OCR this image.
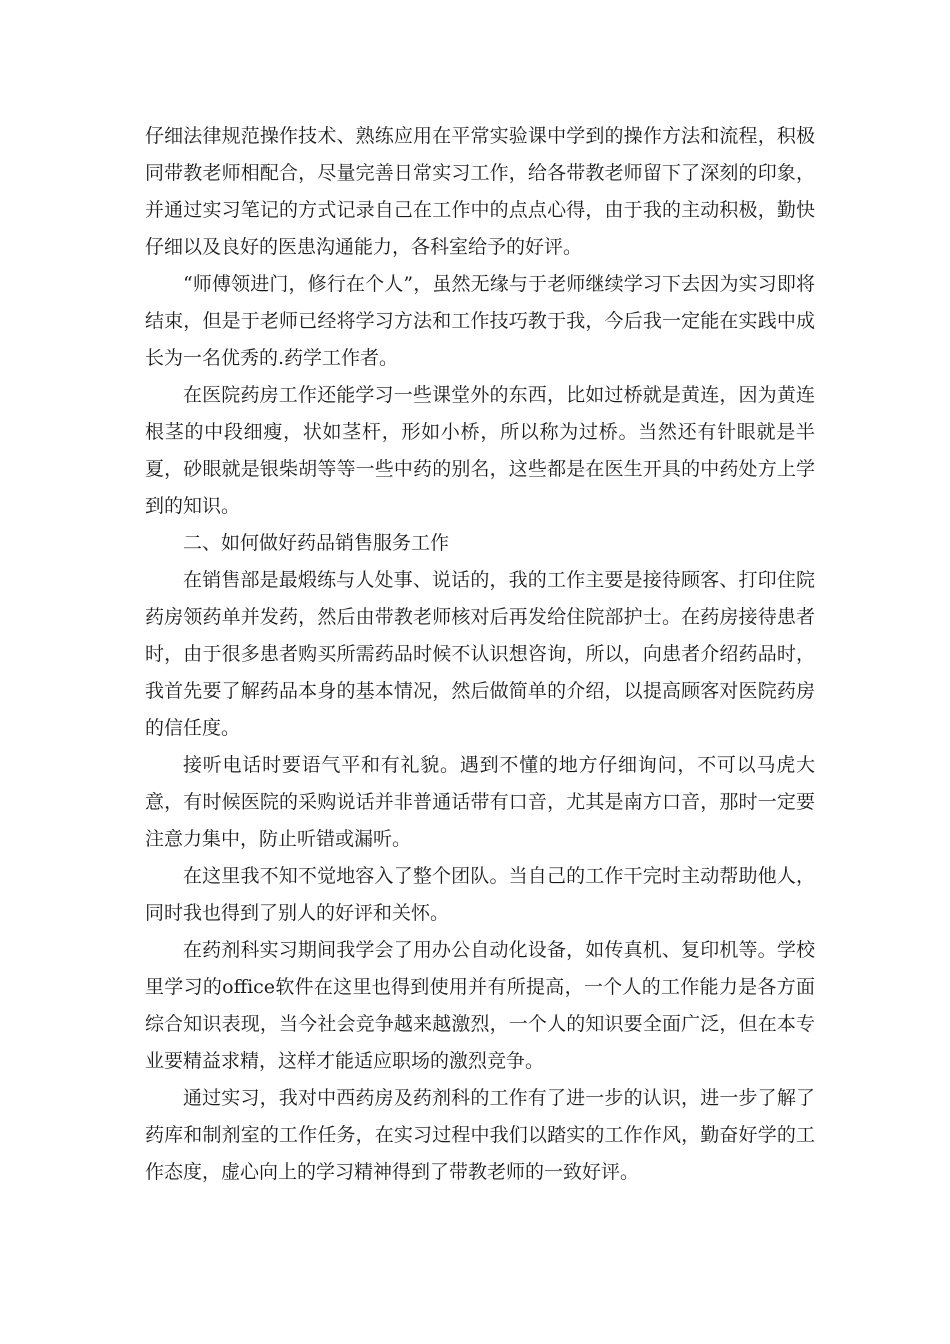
仔细法律规范操作技术、熟练应用在平常实验课中学到的操作方法和流程，积极同带教老师相配合，尽量完善日常实习工作，给各带教老师留下了深刻的印象，并通过实习笔记的方式记录自己在工作中的点点心得，由于我的主动积极，勤快仔细以及良好的医患沟通能力，各科室给予的好评。

“师傅领进门，修行在个人”，虽然无缘与于老师继续学习下去因为实习即将结束，但是于老师已经将学习方法和工作技巧教于我，今后我一定能在实践中成长为一名优秀的.药学工作者。

在医院药房工作还能学习一些课堂外的东西，比如过桥就是黄连，因为黄连根茎的中段细瘦，状如茎杆，形如小桥，所以称为过桥。当然还有针眼就是半夏，砂眼就是银柴胡等等一些中药的别名，这些都是在医生开具的中药处方上学到的知识。

二、如何做好药品销售服务工作

在销售部是最煅练与人处事、说话的，我的工作主要是接待顾客、打印住院药房领药单并发药，然后由带教老师核对后再发给住院部护士。在药房接待患者时，由于很多患者购买所需药品时候不认识想咨询，所以，向患者介绍药品时，我首先要了解药品本身的基本情况，然后做简单的介绍，以提高顾客对医院药房的信任度。

接听电话时要语气平和有礼貌。遇到不懂的地方仔细询问，不可以马虎大意，有时候医院的采购说话并非普通话带有口音，尤其是南方口音，那时一定要注意力集中，防止听错或漏听。

在这里我不知不觉地容入了整个团队。当自己的工作干完时主动帮助他人，同时我也得到了别人的好评和关怀。

在药剂科实习期间我学会了用办公自动化设备，如传真机、复印机等。学校里学习的office软件在这里也得到使用并有所提高，一个人的工作能力是各方面综合知识表现，当今社会竞争越来越激烈，一个人的知识要全面广泛，但在本专业要精益求精，这样才能适应职场的激烈竞争。

通过实习，我对中西药房及药剂科的工作有了进一步的认识，进一步了解了药库和制剂室的工作任务，在实习过程中我们以踏实的工作作风，勤奋好学的工作态度，虚心向上的学习精神得到了带教老师的一致好评。
